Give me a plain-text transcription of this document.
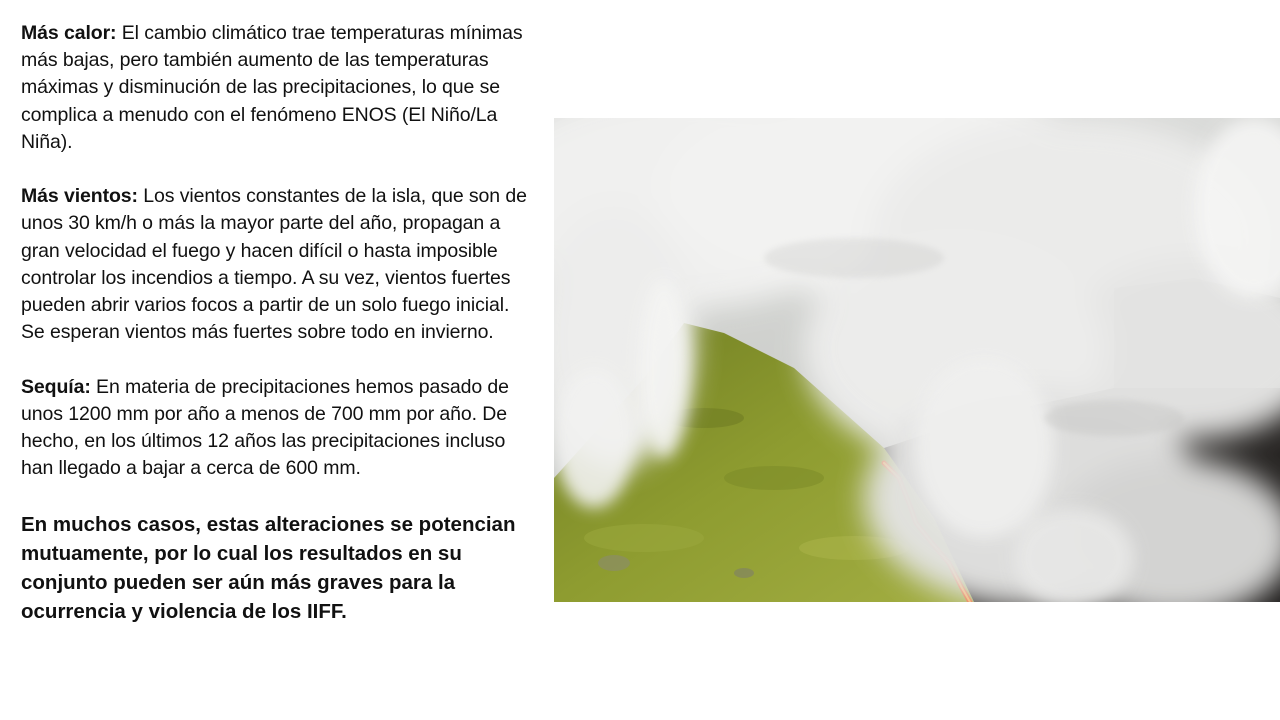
Más calor: El cambio climático trae temperaturas mínimas más bajas, pero también aumento de las temperaturas máximas y disminución de las precipitaciones, lo que se complica a menudo con el fenómeno ENOS (El Niño/La Niña).

Más vientos: Los vientos constantes de la isla, que son de unos 30 km/h o más la mayor parte del año, propagan a gran velocidad el fuego y hacen difícil o hasta imposible controlar los incendios a tiempo. A su vez, vientos fuertes pueden abrir varios focos a partir de un solo fuego inicial. Se esperan vientos más fuertes sobre todo en invierno.

Sequía: En materia de precipitaciones hemos pasado de unos 1200 mm por año a menos de 700 mm por año. De hecho, en los últimos 12 años las precipitaciones incluso han llegado a bajar a cerca de 600 mm.

En muchos casos, estas alteraciones se potencian mutuamente, por lo cual los resultados en su conjunto pueden ser aún más graves para la ocurrencia y violencia de los IIFF.
